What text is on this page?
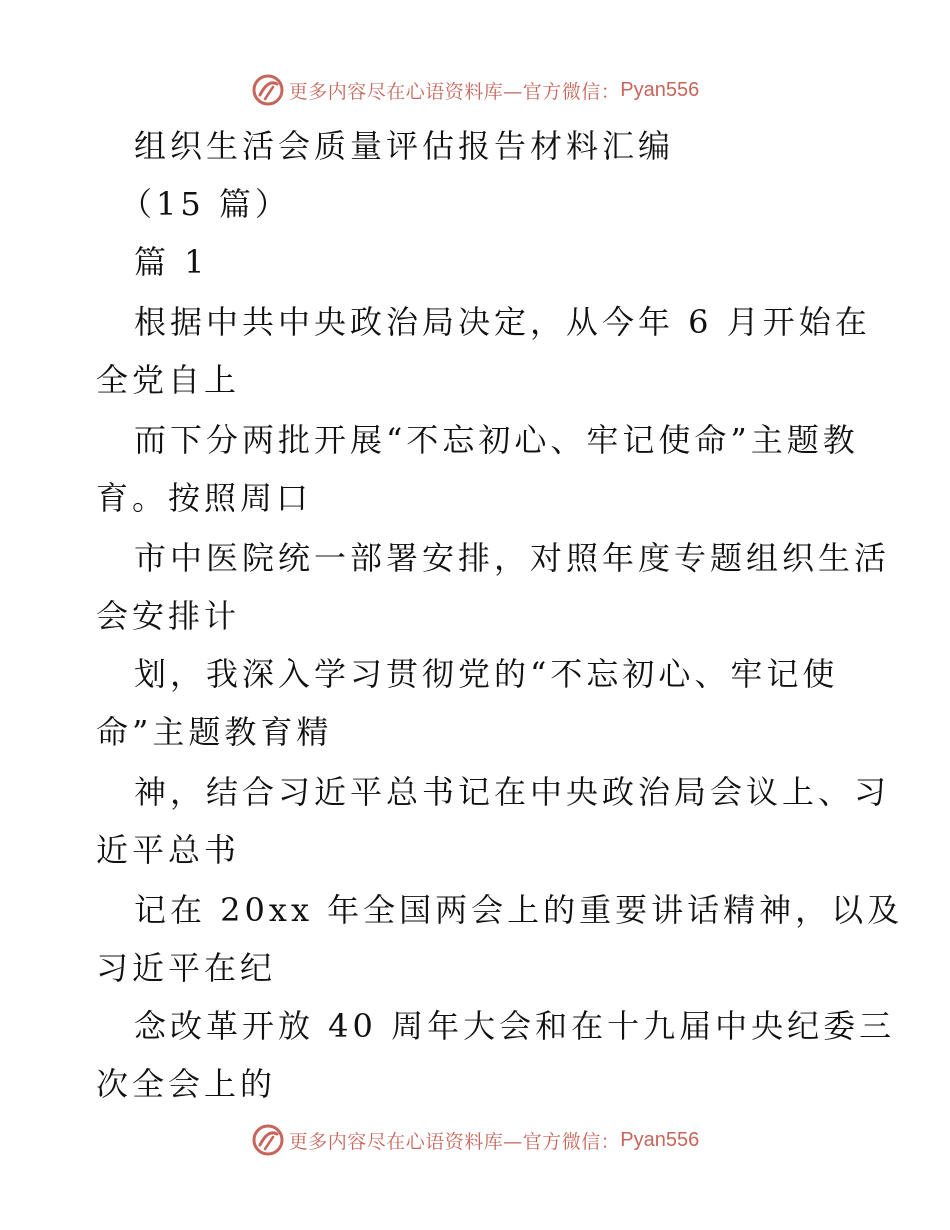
更多内容尽在心语资料库—官方微信： Pyan556
组织生活会质量评估报告材料汇编
（15 篇）
篇 1
根据中共中央政治局决定，从今年 6 月开始在
全党自上
而下分两批开展“不忘初心、牢记使命”主题教
育。按照周口
市中医院统一部署安排，对照年度专题组织生活
会安排计
划，我深入学习贯彻党的“不忘初心、牢记使
命”主题教育精
神，结合习近平总书记在中央政治局会议上、习
近平总书
记在 20xx 年全国两会上的重要讲话精神，以及
习近平在纪
念改革开放 40 周年大会和在十九届中央纪委三
次全会上的
更多内容尽在心语资料库—官方微信： Pyan556
